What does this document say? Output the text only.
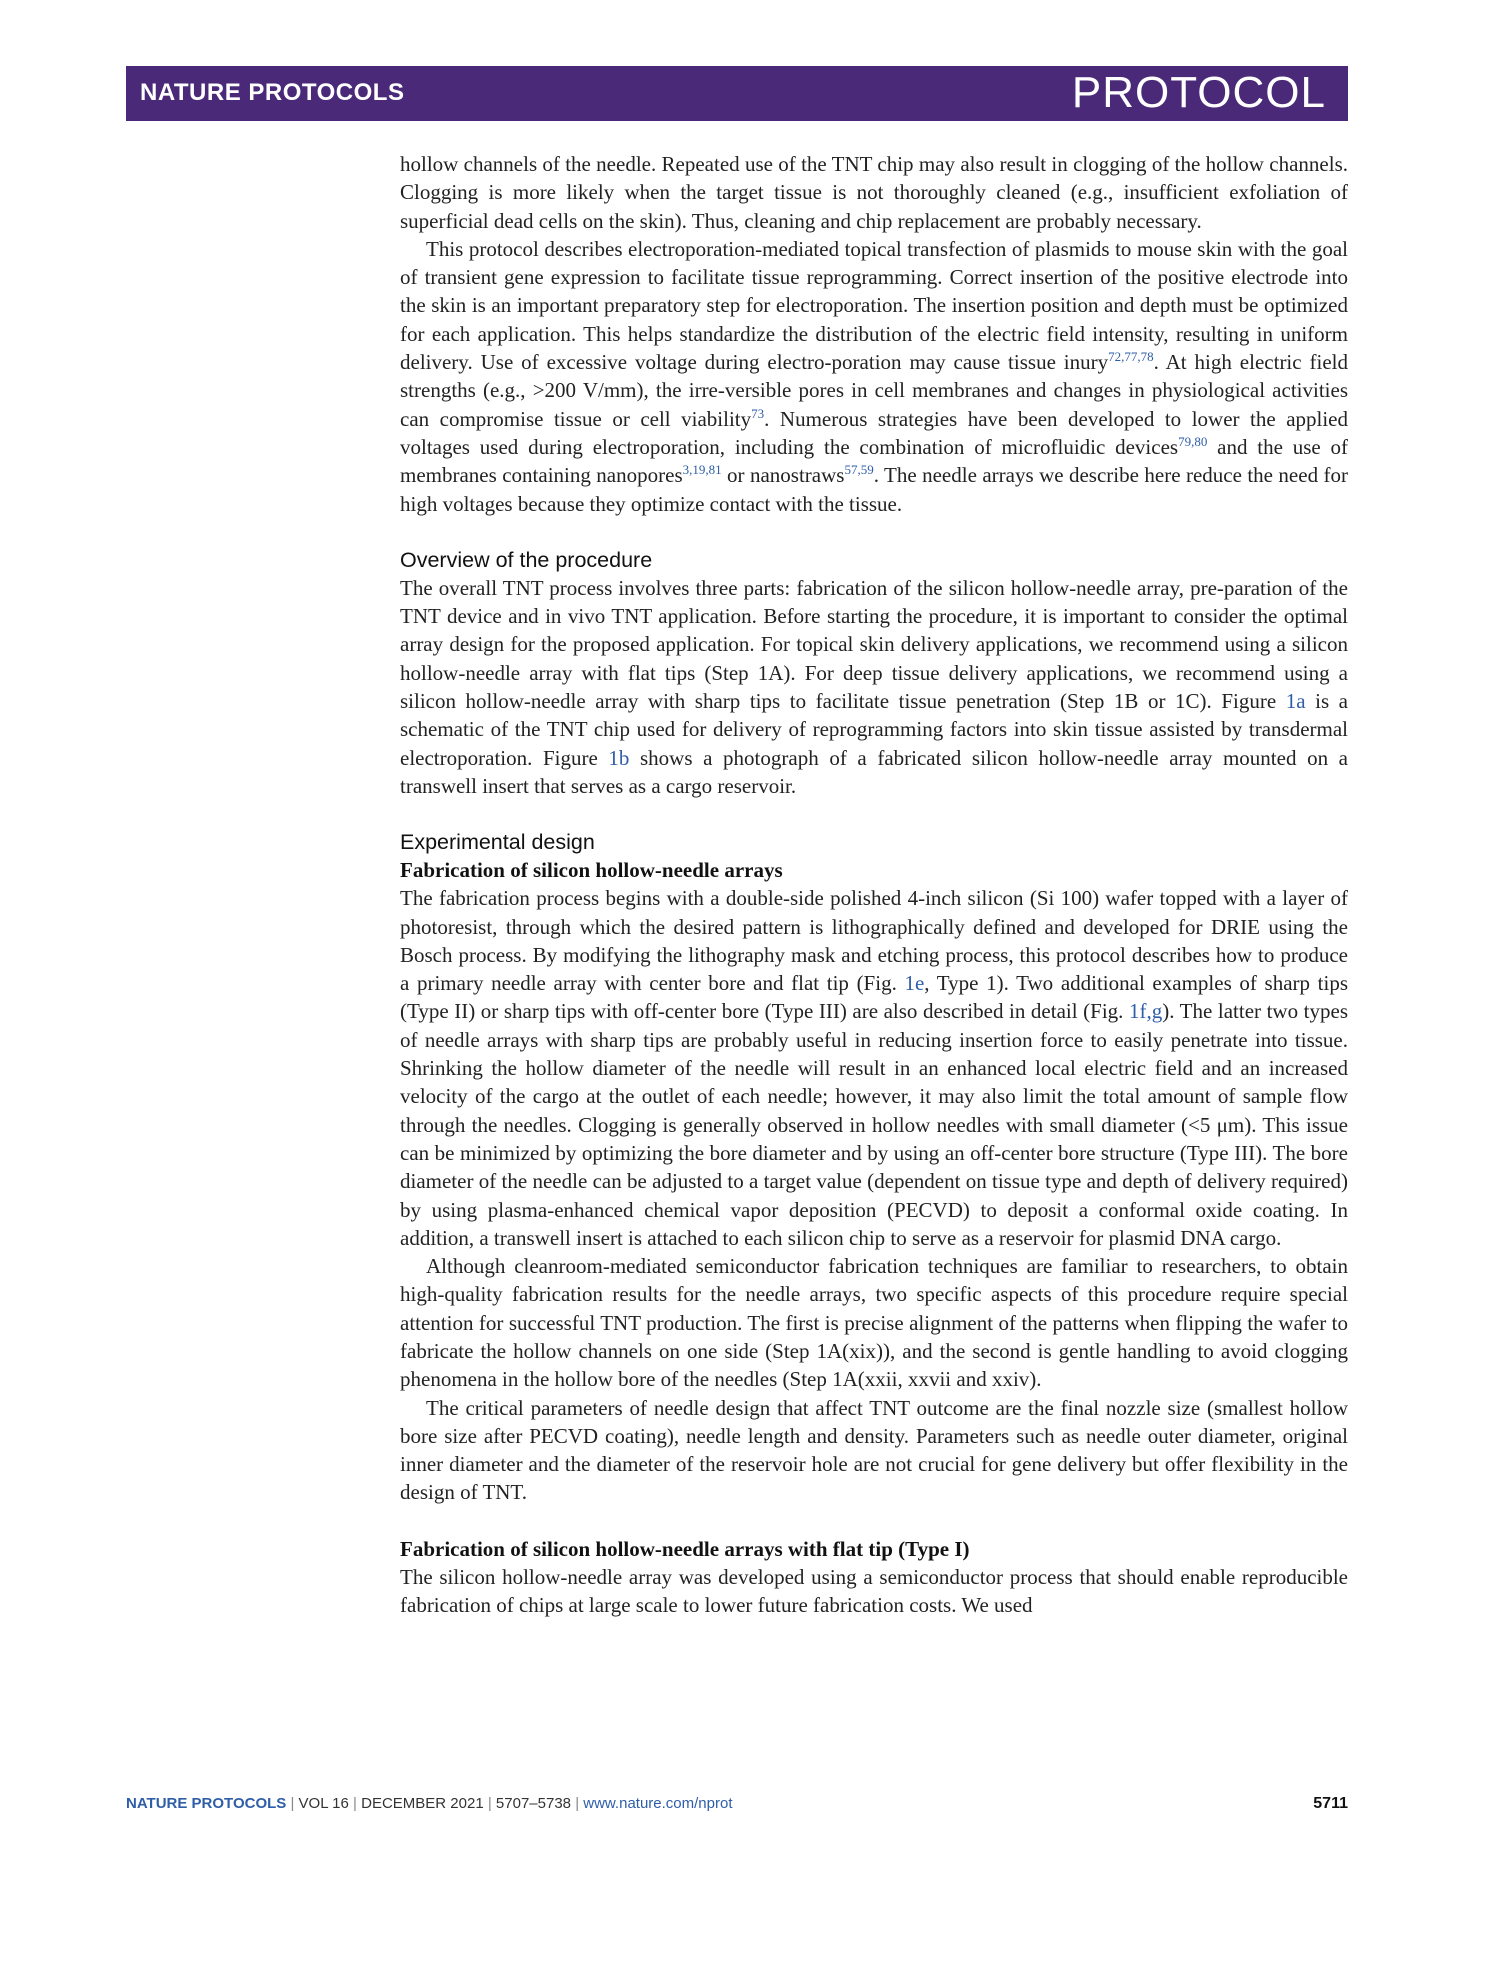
NATURE PROTOCOLS	PROTOCOL

hollow channels of the needle. Repeated use of the TNT chip may also result in clogging of the hollow channels. Clogging is more likely when the target tissue is not thoroughly cleaned (e.g., insufficient exfoliation of superficial dead cells on the skin). Thus, cleaning and chip replacement are probably necessary.

This protocol describes electroporation-mediated topical transfection of plasmids to mouse skin with the goal of transient gene expression to facilitate tissue reprogramming. Correct insertion of the positive electrode into the skin is an important preparatory step for electroporation. The insertion position and depth must be optimized for each application. This helps standardize the distribution of the electric field intensity, resulting in uniform delivery. Use of excessive voltage during electro-poration may cause tissue inury$^{72,77,78}$. At high electric field strengths (e.g., >200 V/mm), the irre-versible pores in cell membranes and changes in physiological activities can compromise tissue or cell viability$^{73}$. Numerous strategies have been developed to lower the applied voltages used during electroporation, including the combination of microfluidic devices$^{79,80}$ and the use of membranes containing nanopores$^{3,19,81}$ or nanostraws$^{57,59}$. The needle arrays we describe here reduce the need for high voltages because they optimize contact with the tissue.

Overview of the procedure

The overall TNT process involves three parts: fabrication of the silicon hollow-needle array, pre-paration of the TNT device and in vivo TNT application. Before starting the procedure, it is important to consider the optimal array design for the proposed application. For topical skin delivery applications, we recommend using a silicon hollow-needle array with flat tips (Step 1A). For deep tissue delivery applications, we recommend using a silicon hollow-needle array with sharp tips to facilitate tissue penetration (Step 1B or 1C). Figure 1a is a schematic of the TNT chip used for delivery of reprogramming factors into skin tissue assisted by transdermal electroporation. Figure 1b shows a photograph of a fabricated silicon hollow-needle array mounted on a transwell insert that serves as a cargo reservoir.

Experimental design
Fabrication of silicon hollow-needle arrays

The fabrication process begins with a double-side polished 4-inch silicon (Si 100) wafer topped with a layer of photoresist, through which the desired pattern is lithographically defined and developed for DRIE using the Bosch process. By modifying the lithography mask and etching process, this protocol describes how to produce a primary needle array with center bore and flat tip (Fig. 1e, Type 1). Two additional examples of sharp tips (Type II) or sharp tips with off-center bore (Type III) are also described in detail (Fig. 1f,g). The latter two types of needle arrays with sharp tips are probably useful in reducing insertion force to easily penetrate into tissue. Shrinking the hollow diameter of the needle will result in an enhanced local electric field and an increased velocity of the cargo at the outlet of each needle; however, it may also limit the total amount of sample flow through the needles. Clogging is generally observed in hollow needles with small diameter (<5 μm). This issue can be minimized by optimizing the bore diameter and by using an off-center bore structure (Type III). The bore diameter of the needle can be adjusted to a target value (dependent on tissue type and depth of delivery required) by using plasma-enhanced chemical vapor deposition (PECVD) to deposit a conformal oxide coating. In addition, a transwell insert is attached to each silicon chip to serve as a reservoir for plasmid DNA cargo.

Although cleanroom-mediated semiconductor fabrication techniques are familiar to researchers, to obtain high-quality fabrication results for the needle arrays, two specific aspects of this procedure require special attention for successful TNT production. The first is precise alignment of the patterns when flipping the wafer to fabricate the hollow channels on one side (Step 1A(xix)), and the second is gentle handling to avoid clogging phenomena in the hollow bore of the needles (Step 1A(xxii, xxvii and xxiv).

The critical parameters of needle design that affect TNT outcome are the final nozzle size (smallest hollow bore size after PECVD coating), needle length and density. Parameters such as needle outer diameter, original inner diameter and the diameter of the reservoir hole are not crucial for gene delivery but offer flexibility in the design of TNT.

Fabrication of silicon hollow-needle arrays with flat tip (Type I)

The silicon hollow-needle array was developed using a semiconductor process that should enable reproducible fabrication of chips at large scale to lower future fabrication costs. We used

NATURE PROTOCOLS | VOL 16 | DECEMBER 2021 | 5707–5738 | www.nature.com/nprot	5711
